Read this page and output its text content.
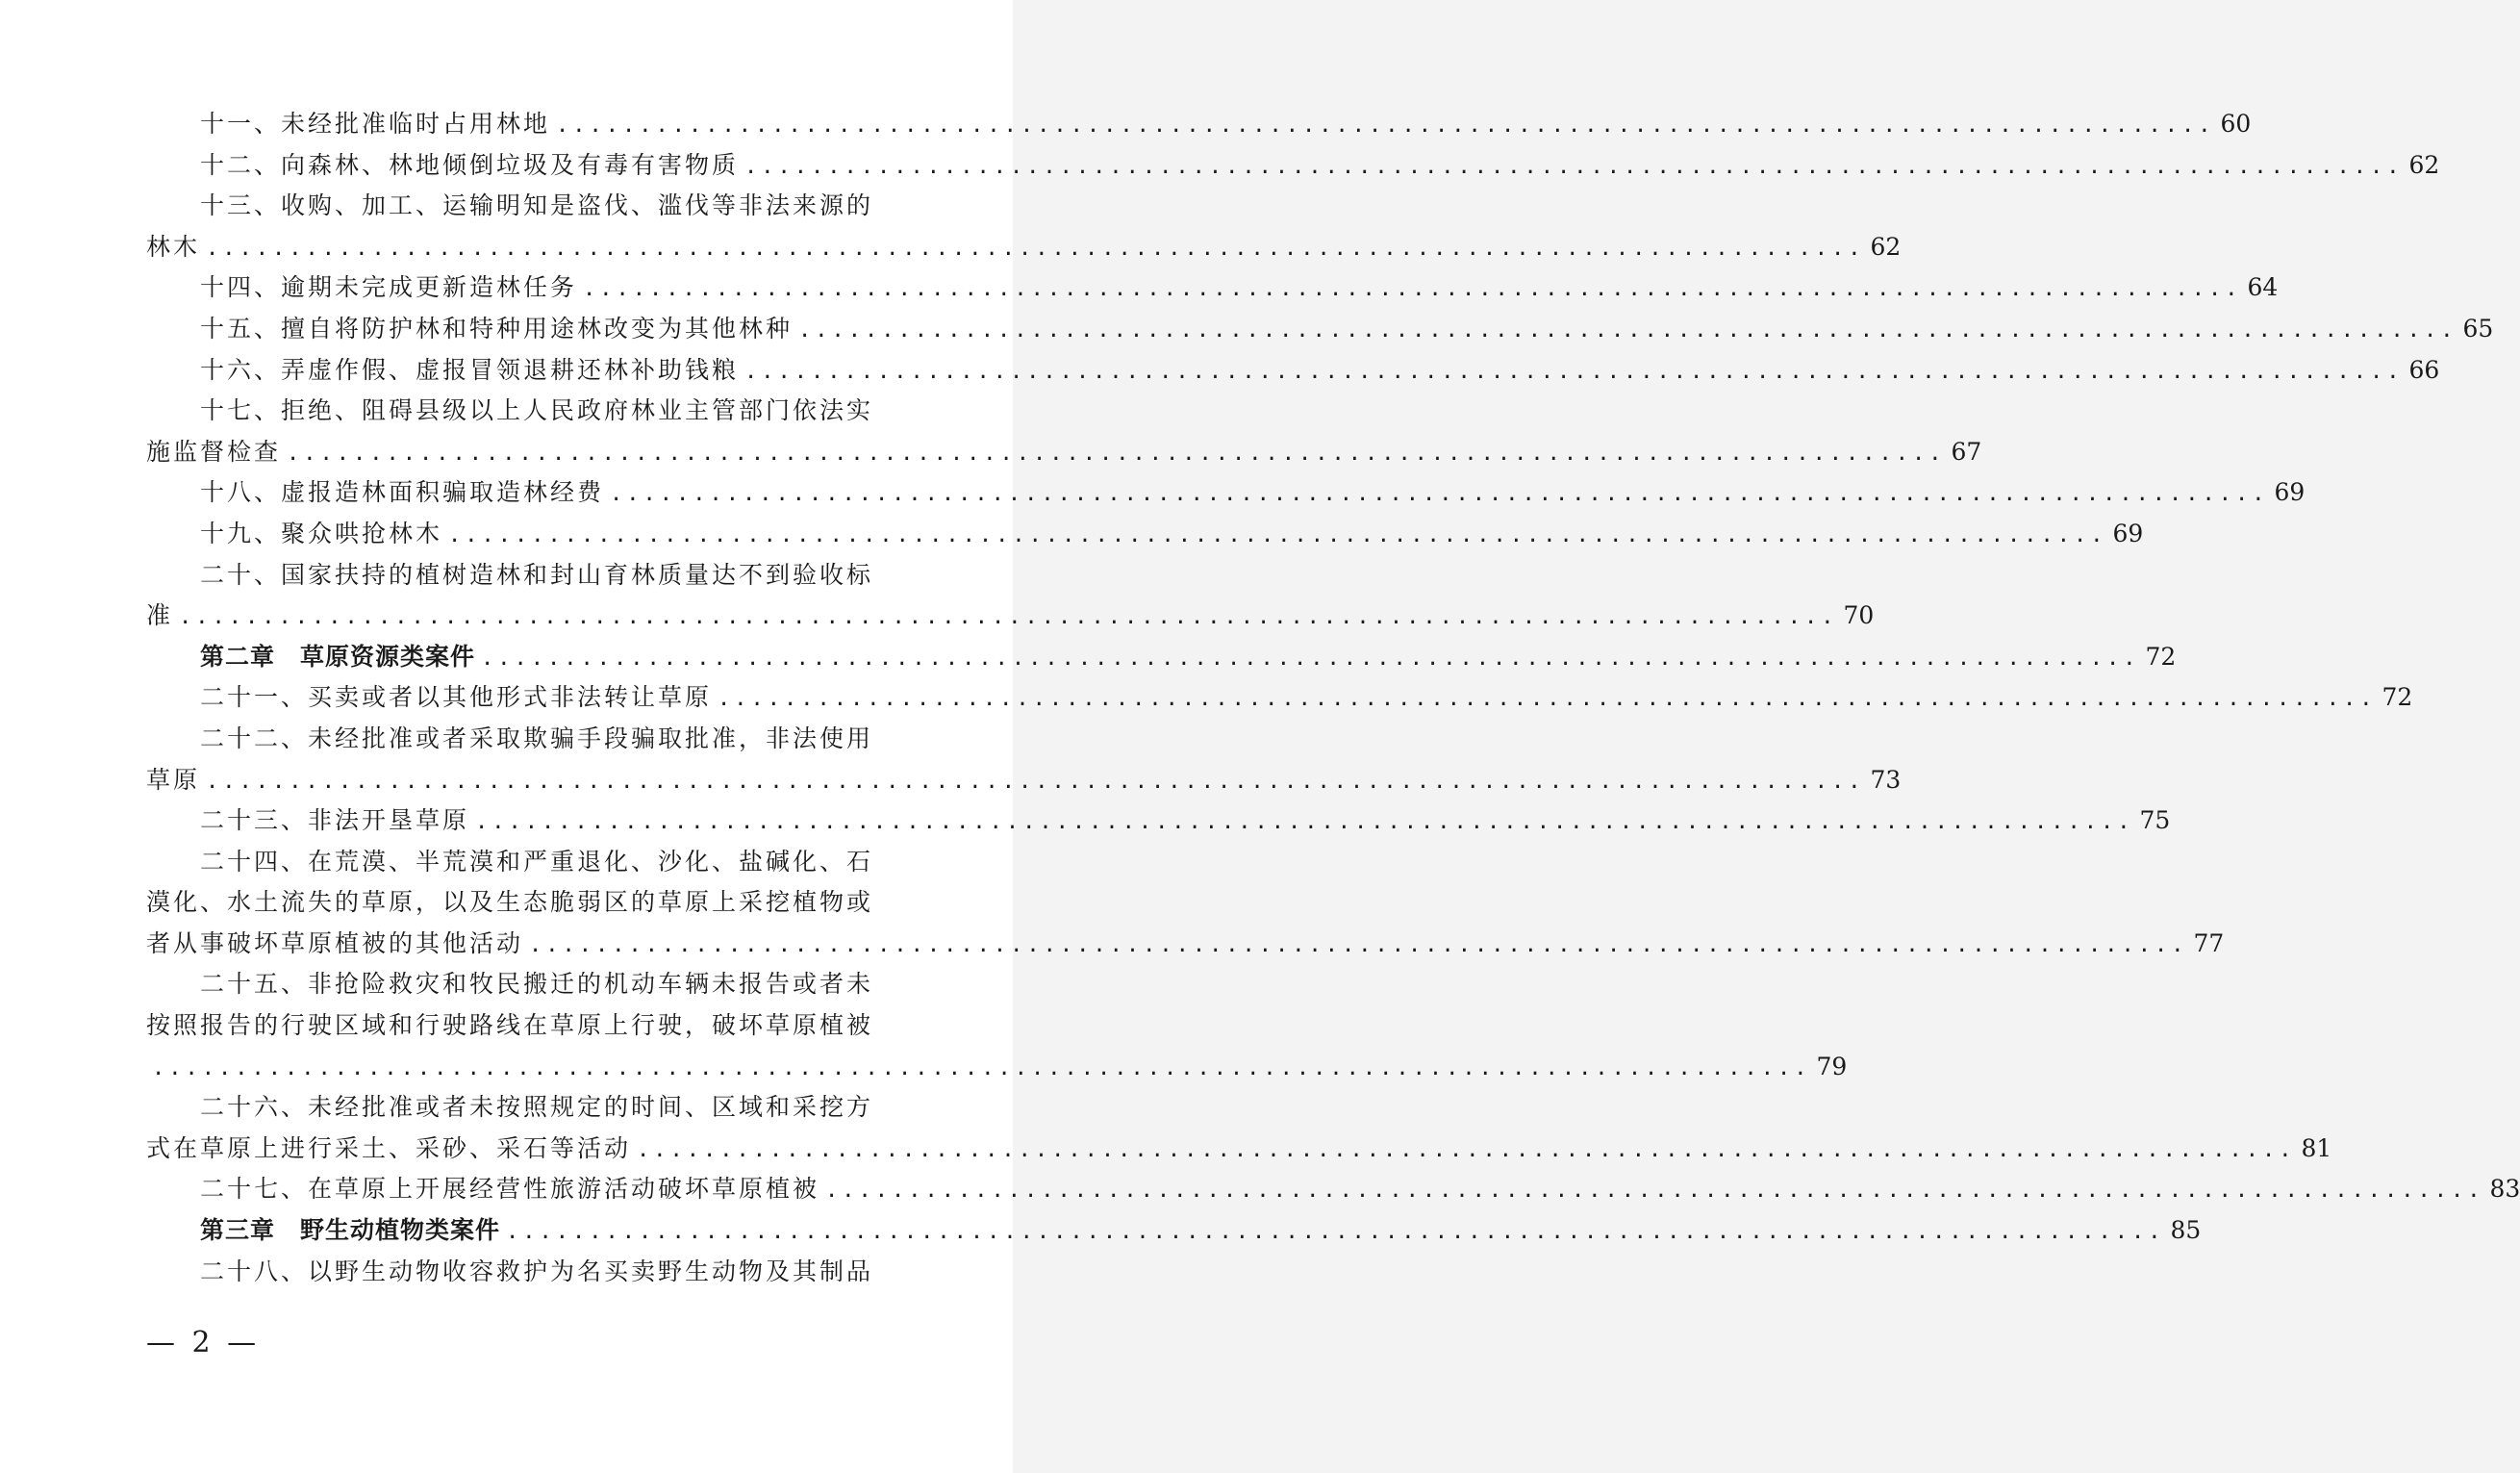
十一、未经批准临时占用林地 .................................................................................................... 60
十二、向森林、林地倾倒垃圾及有毒有害物质 .................................................................................................... 62
十三、收购、加工、运输明知是盗伐、滥伐等非法来源的
林木 .................................................................................................... 62
十四、逾期未完成更新造林任务 .................................................................................................... 64
十五、擅自将防护林和特种用途林改变为其他林种 .................................................................................................... 65
十六、弄虚作假、虚报冒领退耕还林补助钱粮 .................................................................................................... 66
十七、拒绝、阻碍县级以上人民政府林业主管部门依法实
施监督检查 .................................................................................................... 67
十八、虚报造林面积骗取造林经费 .................................................................................................... 69
十九、聚众哄抢林木 .................................................................................................... 69
二十、国家扶持的植树造林和封山育林质量达不到验收标
准 .................................................................................................... 70
第二章　草原资源类案件 .................................................................................................... 72
二十一、买卖或者以其他形式非法转让草原 .................................................................................................... 72
二十二、未经批准或者采取欺骗手段骗取批准，非法使用
草原 .................................................................................................... 73
二十三、非法开垦草原 .................................................................................................... 75
二十四、在荒漠、半荒漠和严重退化、沙化、盐碱化、石
漠化、水土流失的草原，以及生态脆弱区的草原上采挖植物或
者从事破坏草原植被的其他活动 .................................................................................................... 77
二十五、非抢险救灾和牧民搬迁的机动车辆未报告或者未
按照报告的行驶区域和行驶路线在草原上行驶，破坏草原植被
.................................................................................................... 79
二十六、未经批准或者未按照规定的时间、区域和采挖方
式在草原上进行采土、采砂、采石等活动 .................................................................................................... 81
二十七、在草原上开展经营性旅游活动破坏草原植被 .................................................................................................... 83
第三章　野生动植物类案件 .................................................................................................... 85
二十八、以野生动物收容救护为名买卖野生动物及其制品
— 2 —
